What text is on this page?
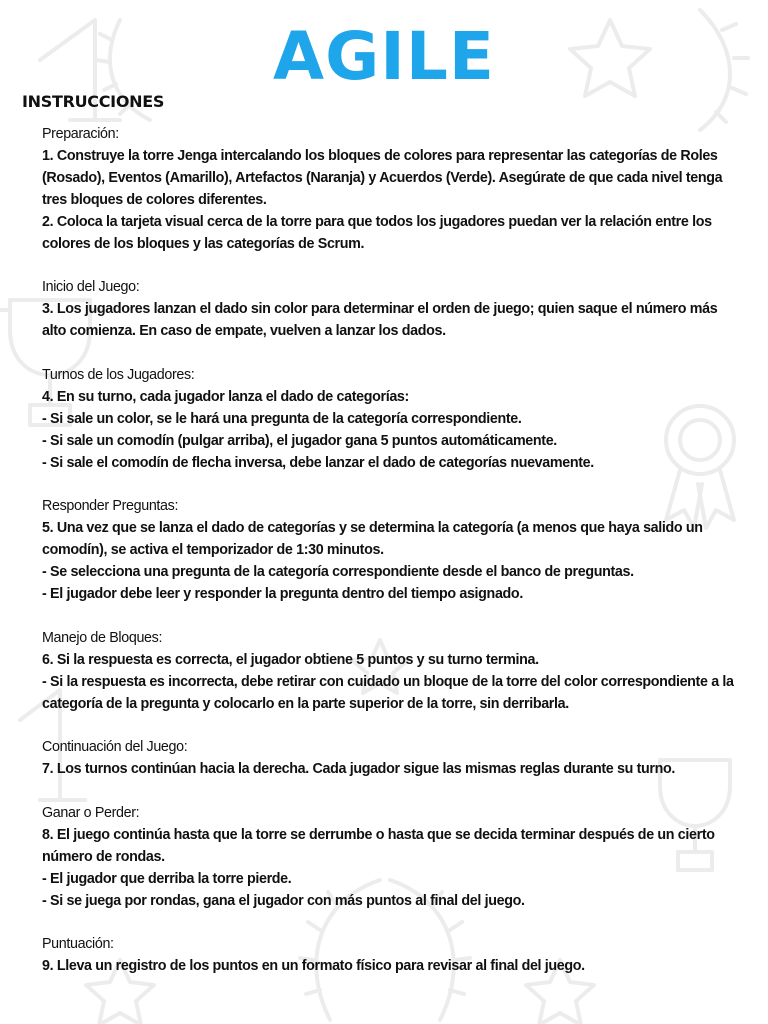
AGILE
INSTRUCCIONES
Preparación:
1. Construye la torre Jenga intercalando los bloques de colores para representar las categorías de Roles (Rosado), Eventos (Amarillo), Artefactos (Naranja) y Acuerdos (Verde). Asegúrate de que cada nivel tenga tres bloques de colores diferentes.
2. Coloca la tarjeta visual cerca de la torre para que todos los jugadores puedan ver la relación entre los colores de los bloques y las categorías de Scrum.
Inicio del Juego:
3. Los jugadores lanzan el dado sin color para determinar el orden de juego; quien saque el número más alto comienza. En caso de empate, vuelven a lanzar los dados.
Turnos de los Jugadores:
4. En su turno, cada jugador lanza el dado de categorías:
- Si sale un color, se le hará una pregunta de la categoría correspondiente.
- Si sale un comodín (pulgar arriba), el jugador gana 5 puntos automáticamente.
- Si sale el comodín de flecha inversa, debe lanzar el dado de categorías nuevamente.
Responder Preguntas:
5. Una vez que se lanza el dado de categorías y se determina la categoría (a menos que haya salido un comodín), se activa el temporizador de 1:30 minutos.
- Se selecciona una pregunta de la categoría correspondiente desde el banco de preguntas.
- El jugador debe leer y responder la pregunta dentro del tiempo asignado.
Manejo de Bloques:
6. Si la respuesta es correcta, el jugador obtiene 5 puntos y su turno termina.
- Si la respuesta es incorrecta, debe retirar con cuidado un bloque de la torre del color correspondiente a la categoría de la pregunta y colocarlo en la parte superior de la torre, sin derribarla.
Continuación del Juego:
7. Los turnos continúan hacia la derecha. Cada jugador sigue las mismas reglas durante su turno.
Ganar o Perder:
8. El juego continúa hasta que la torre se derrumbe o hasta que se decida terminar después de un cierto número de rondas.
- El jugador que derriba la torre pierde.
- Si se juega por rondas, gana el jugador con más puntos al final del juego.
Puntuación:
9. Lleva un registro de los puntos en un formato físico para revisar al final del juego.
